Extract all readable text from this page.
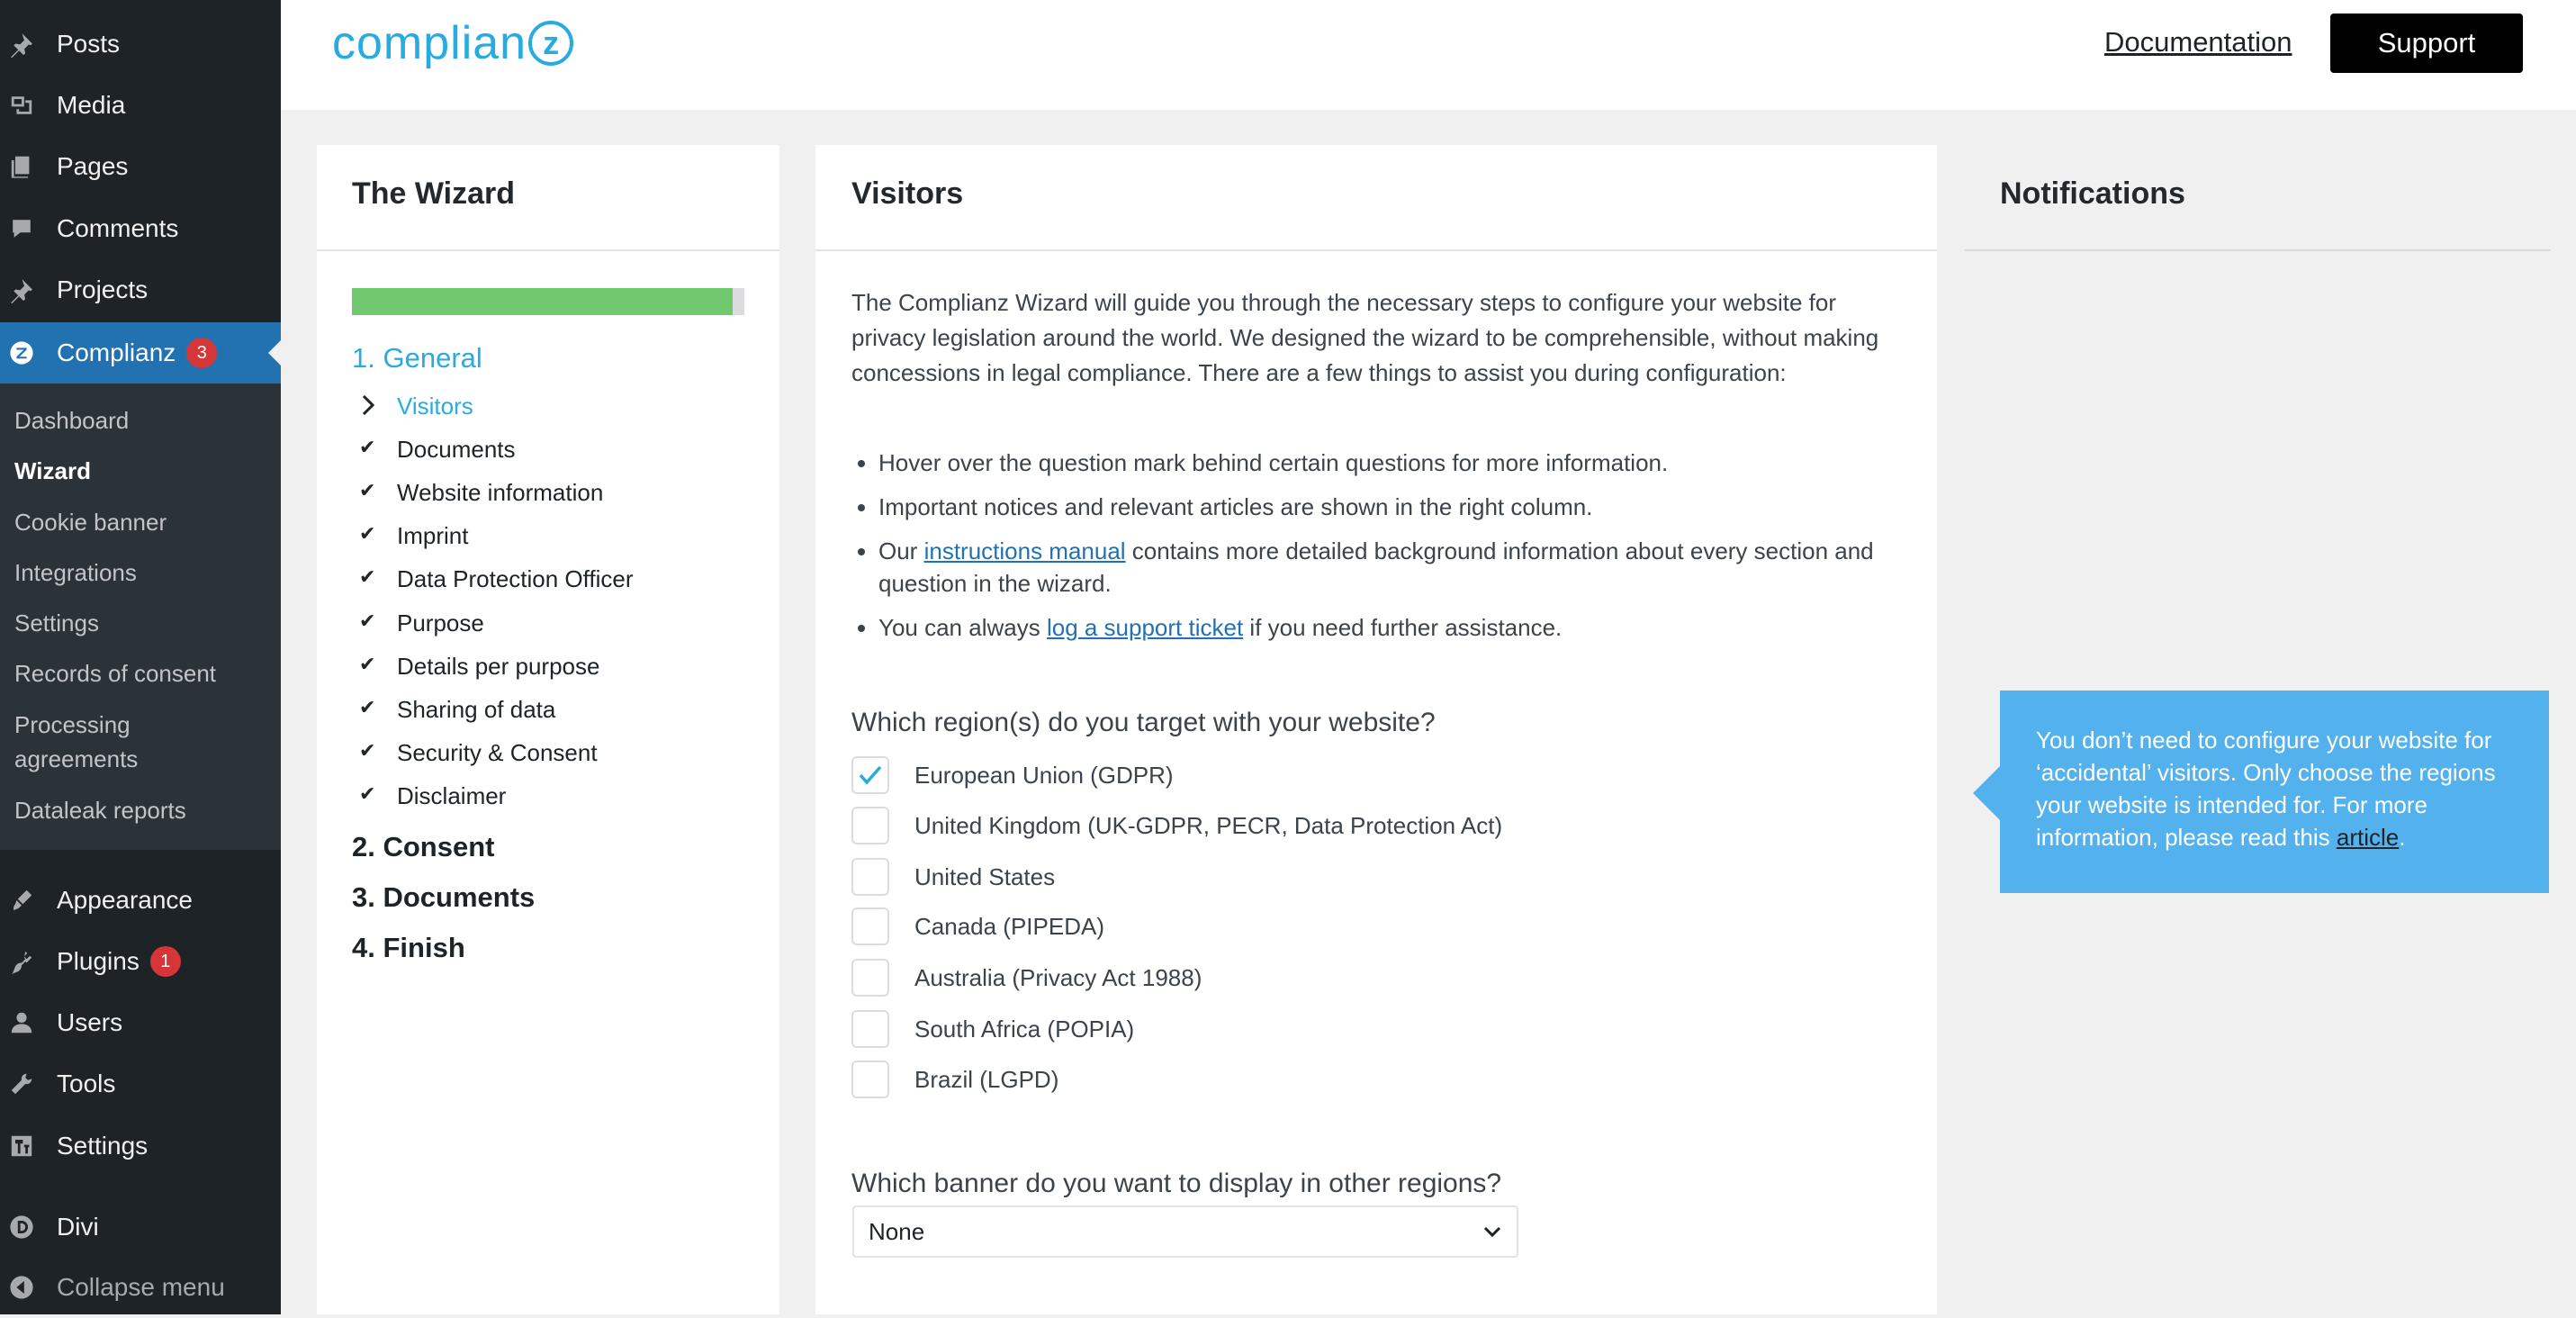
Posts
Media
Pages
Comments
Projects
Complianz	3
Dashboard
Wizard
Cookie banner
Integrations
Settings
Records of consent
Processing agreements
Dataleak reports
Appearance
Plugins	1
Users
Tools
Settings
Divi
Collapse menu
complian z	Documentation	Support
The Wizard
1. General
Visitors
✔ Documents
✔ Website information
✔ Imprint
✔ Data Protection Officer
✔ Purpose
✔ Details per purpose
✔ Sharing of data
✔ Security & Consent
✔ Disclaimer
2. Consent
3. Documents
4. Finish
Visitors
The Complianz Wizard will guide you through the necessary steps to configure your website for privacy legislation around the world. We designed the wizard to be comprehensible, without making concessions in legal compliance. There are a few things to assist you during configuration:
• Hover over the question mark behind certain questions for more information.
• Important notices and relevant articles are shown in the right column.
• Our instructions manual contains more detailed background information about every section and question in the wizard.
• You can always log a support ticket if you need further assistance.
Which region(s) do you target with your website?
European Union (GDPR)
United Kingdom (UK-GDPR, PECR, Data Protection Act)
United States
Canada (PIPEDA)
Australia (Privacy Act 1988)
South Africa (POPIA)
Brazil (LGPD)
Which banner do you want to display in other regions?
None
Notifications
You don’t need to configure your website for ‘accidental’ visitors. Only choose the regions your website is intended for. For more information, please read this article.
